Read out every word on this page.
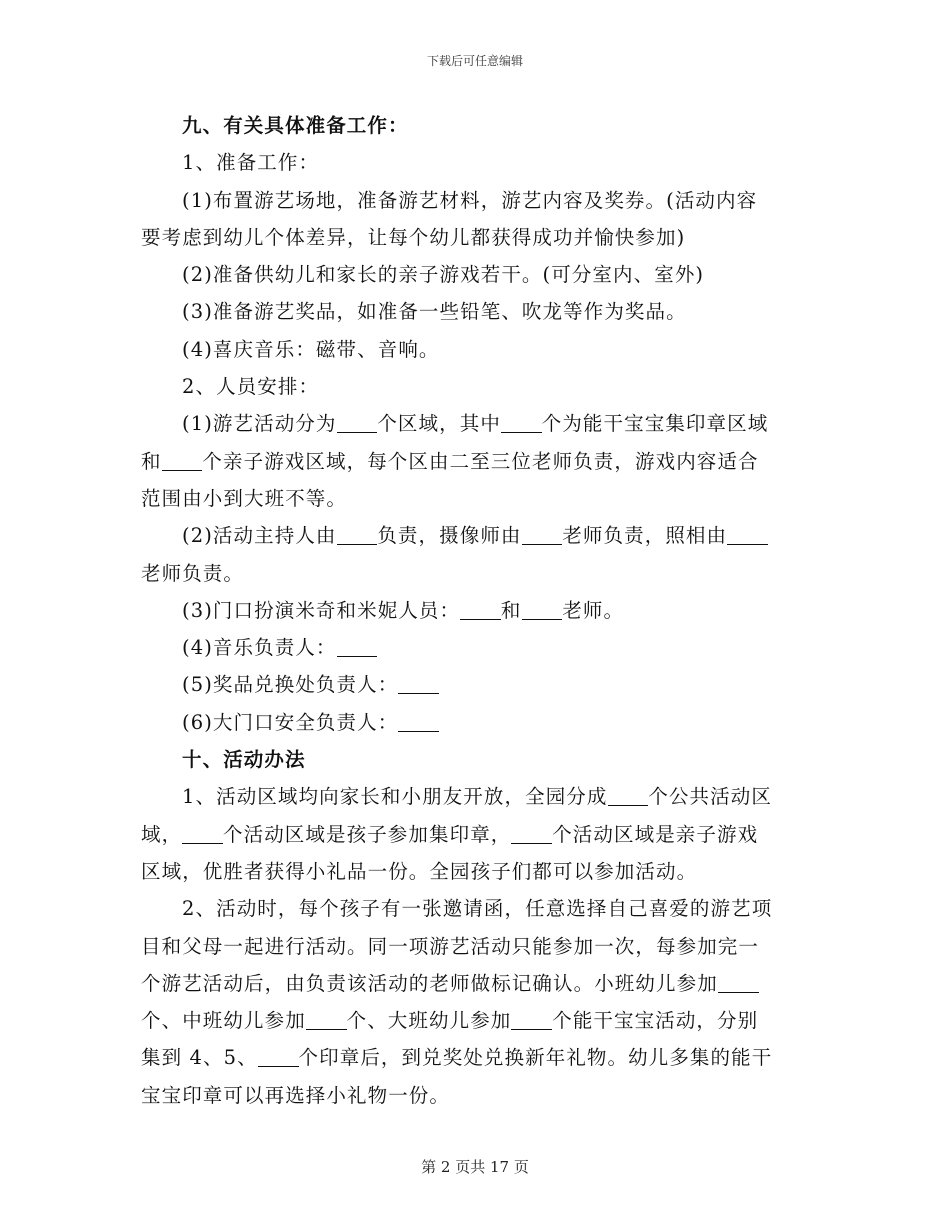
下载后可任意编辑
九、有关具体准备工作：
1、准备工作：
(1)布置游艺场地，准备游艺材料，游艺内容及奖券。(活动内容
要考虑到幼儿个体差异，让每个幼儿都获得成功并愉快参加)
(2)准备供幼儿和家长的亲子游戏若干。(可分室内、室外)
(3)准备游艺奖品，如准备一些铅笔、吹龙等作为奖品。
(4)喜庆音乐：磁带、音响。
2、人员安排：
(1)游艺活动分为 个区域，其中 个为能干宝宝集印章区域
和 个亲子游戏区域，每个区由二至三位老师负责，游戏内容适合
范围由小到大班不等。
(2)活动主持人由 负责，摄像师由 老师负责，照相由
老师负责。
(3)门口扮演米奇和米妮人员： 和 老师。
(4)音乐负责人：
(5)奖品兑换处负责人：
(6)大门口安全负责人：
十、活动办法
1、活动区域均向家长和小朋友开放，全园分成 个公共活动区
域， 个活动区域是孩子参加集印章， 个活动区域是亲子游戏
区域，优胜者获得小礼品一份。全园孩子们都可以参加活动。
2、活动时，每个孩子有一张邀请函，任意选择自己喜爱的游艺项
目和父母一起进行活动。同一项游艺活动只能参加一次，每参加完一
个游艺活动后，由负责该活动的老师做标记确认。小班幼儿参加
个、中班幼儿参加 个、大班幼儿参加 个能干宝宝活动，分别
集到 4、5、 个印章后，到兑奖处兑换新年礼物。幼儿多集的能干
宝宝印章可以再选择小礼物一份。
第 2 页共 17 页
